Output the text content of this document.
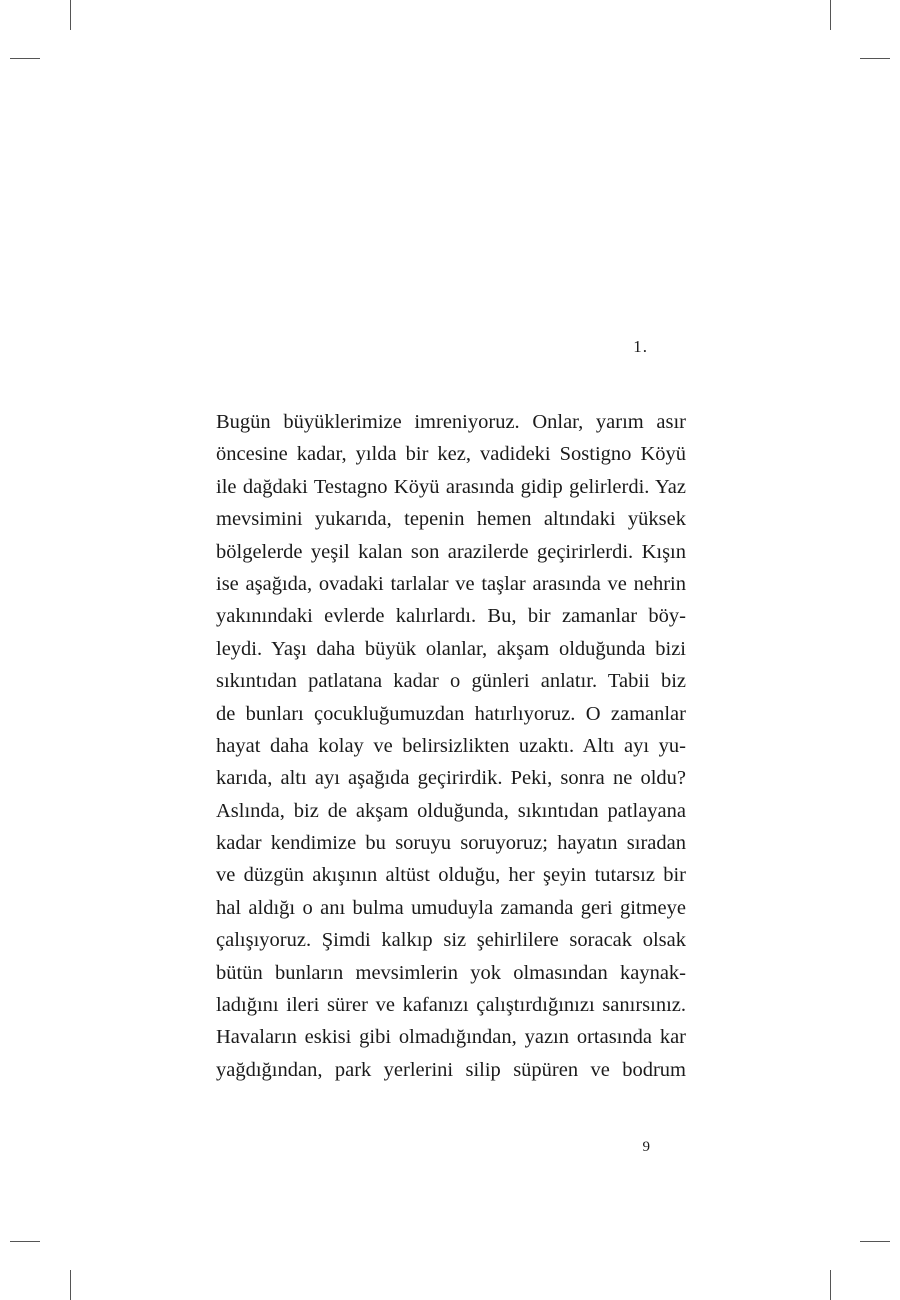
1.
Bugün büyüklerimize imreniyoruz. Onlar, yarım asır
öncesine kadar, yılda bir kez, vadideki Sostigno Köyü
ile dağdaki Testagno Köyü arasında gidip gelirlerdi. Yaz
mevsimini yukarıda, tepenin hemen altındaki yüksek
bölgelerde yeşil kalan son arazilerde geçirirlerdi. Kışın
ise aşağıda, ovadaki tarlalar ve taşlar arasında ve nehrin
yakınındaki evlerde kalırlardı. Bu, bir zamanlar böy-
leydi. Yaşı daha büyük olanlar, akşam olduğunda bizi
sıkıntıdan patlatana kadar o günleri anlatır. Tabii biz
de bunları çocukluğumuzdan hatırlıyoruz. O zamanlar
hayat daha kolay ve belirsizlikten uzaktı. Altı ayı yu-
karıda, altı ayı aşağıda geçirirdik. Peki, sonra ne oldu?
Aslında, biz de akşam olduğunda, sıkıntıdan patlayana
kadar kendimize bu soruyu soruyoruz; hayatın sıradan
ve düzgün akışının altüst olduğu, her şeyin tutarsız bir
hal aldığı o anı bulma umuduyla zamanda geri gitmeye
çalışıyoruz. Şimdi kalkıp siz şehirlilere soracak olsak
bütün bunların mevsimlerin yok olmasından kaynak-
ladığını ileri sürer ve kafanızı çalıştırdığınızı sanırsınız.
Havaların eskisi gibi olmadığından, yazın ortasında kar
yağdığından, park yerlerini silip süpüren ve bodrum
9
